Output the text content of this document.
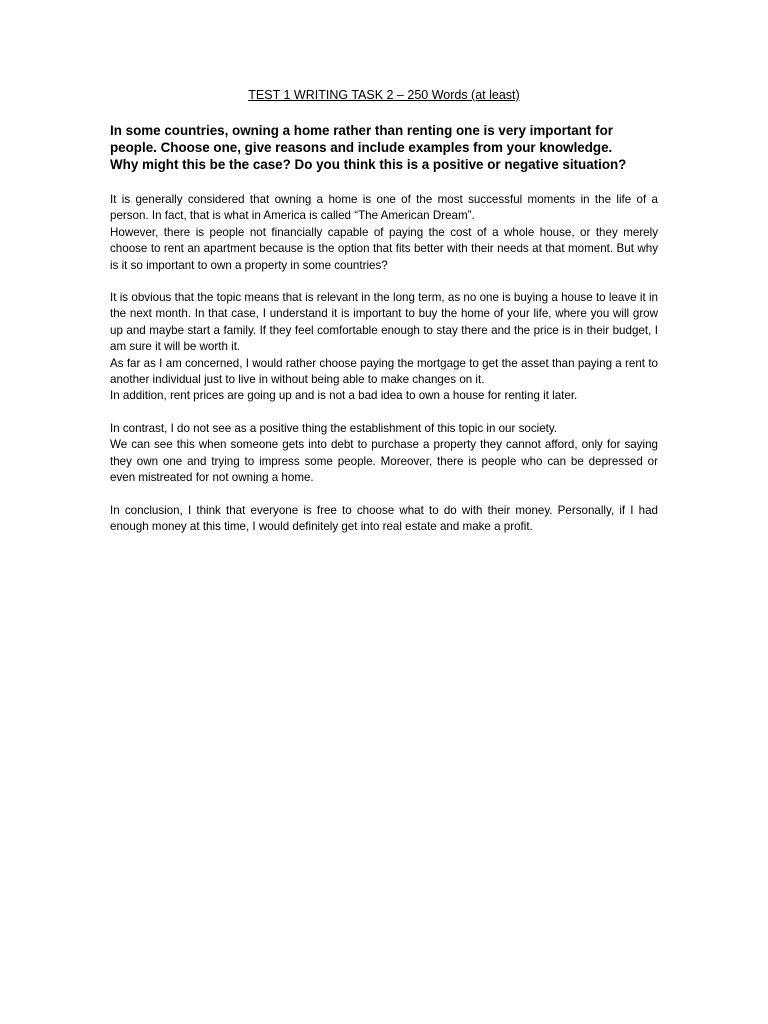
TEST 1 WRITING TASK 2 – 250 Words (at least)
In some countries, owning a home rather than renting one is very important for
people. Choose one, give reasons and include examples from your knowledge.
Why might this be the case? Do you think this is a positive or negative situation?
It is generally considered that owning a home is one of the most successful moments in the life of a person. In fact, that is what in America is called “The American Dream”.
However, there is people not financially capable of paying the cost of a whole house, or they merely choose to rent an apartment because is the option that fits better with their needs at that moment. But why is it so important to own a property in some countries?
It is obvious that the topic means that is relevant in the long term, as no one is buying a house to leave it in the next month. In that case, I understand it is important to buy the home of your life, where you will grow up and maybe start a family. If they feel comfortable enough to stay there and the price is in their budget, I am sure it will be worth it.
As far as I am concerned, I would rather choose paying the mortgage to get the asset than paying a rent to another individual just to live in without being able to make changes on it.
In addition, rent prices are going up and is not a bad idea to own a house for renting it later.
In contrast, I do not see as a positive thing the establishment of this topic in our society.
We can see this when someone gets into debt to purchase a property they cannot afford, only for saying they own one and trying to impress some people. Moreover, there is people who can be depressed or even mistreated for not owning a home.
In conclusion, I think that everyone is free to choose what to do with their money. Personally, if I had enough money at this time, I would definitely get into real estate and make a profit.
